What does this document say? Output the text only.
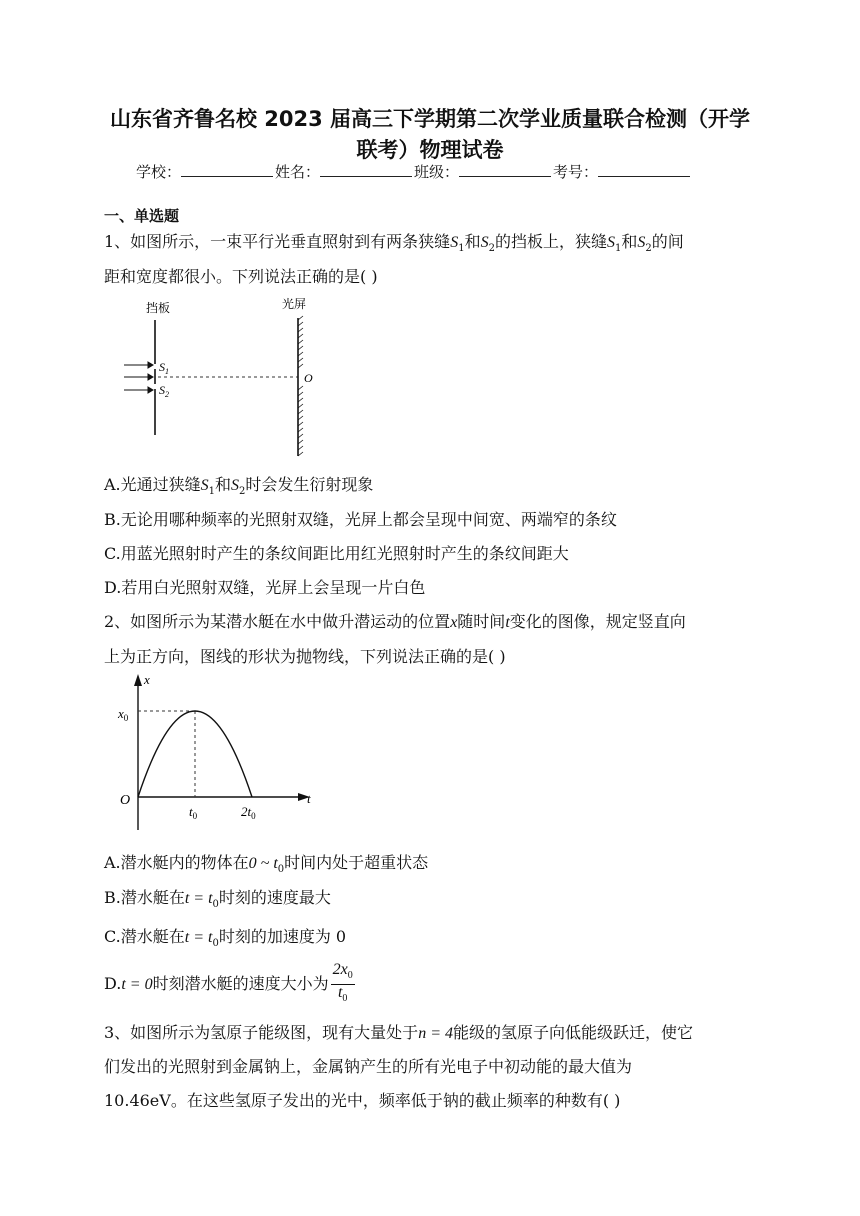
山东省齐鲁名校 2023 届高三下学期第二次学业质量联合检测（开学
联考）物理试卷
学校：	姓名：	班级：	考号：
一、单选题
1、如图所示，一束平行光垂直照射到有两条狭缝$S_1$和$S_2$的挡板上，狭缝$S_1$和$S_2$的间
距和宽度都很小。下列说法正确的是( )
挡板	光屏
$S_1$
$S_2$
O
A.光通过狭缝$S_1$和$S_2$时会发生衍射现象
B.无论用哪种频率的光照射双缝，光屏上都会呈现中间宽、两端窄的条纹
C.用蓝光照射时产生的条纹间距比用红光照射时产生的条纹间距大
D.若用白光照射双缝，光屏上会呈现一片白色
2、如图所示为某潜水艇在水中做升潜运动的位置x随时间t变化的图像，规定竖直向
上为正方向，图线的形状为抛物线，下列说法正确的是( )
x
t
O
$x_0$
$t_0$	$2t_0$
A.潜水艇内的物体在0 ~ $t_0$时间内处于超重状态
B.潜水艇在$t = t_0$时刻的速度最大
C.潜水艇在$t = t_0$时刻的加速度为 0
D.t = 0时刻潜水艇的速度大小为 $\frac{2x_0}{t_0}$
3、如图所示为氢原子能级图，现有大量处于n = 4能级的氢原子向低能级跃迁，使它
们发出的光照射到金属钠上，金属钠产生的所有光电子中初动能的最大值为
10.46eV。在这些氢原子发出的光中，频率低于钠的截止频率的种数有( )
